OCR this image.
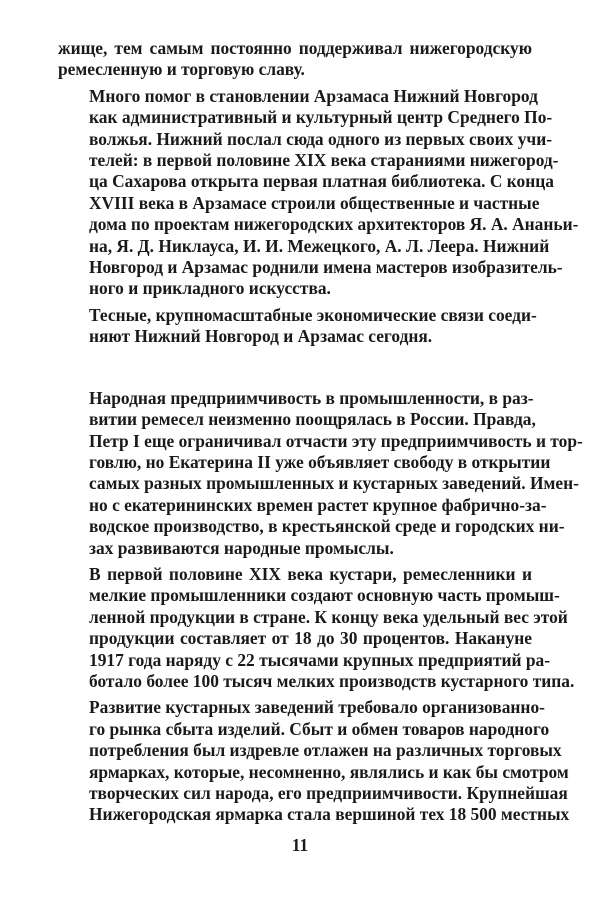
жище, тем самым постоянно поддерживал нижегородскую
ремесленную и торговую славу.
Много помог в становлении Арзамаса Нижний Новгород
как административный и культурный центр Среднего По-
волжья. Нижний послал сюда одного из первых своих учи-
телей: в первой половине XIX века стараниями нижегород-
ца Сахарова открыта первая платная библиотека. С конца
XVIII века в Арзамасе строили общественные и частные
дома по проектам нижегородских архитекторов Я. А. Ананьи-
на, Я. Д. Никлауса, И. И. Межецкого, А. Л. Леера. Нижний
Новгород и Арзамас роднили имена мастеров изобразитель-
ного и прикладного искусства.
Тесные, крупномасштабные экономические связи соеди-
няют Нижний Новгород и Арзамас сегодня.
Народная предприимчивость в промышленности, в раз-
витии ремесел неизменно поощрялась в России. Правда,
Петр I еще ограничивал отчасти эту предприимчивость и тор-
говлю, но Екатерина II уже объявляет свободу в открытии
самых разных промышленных и кустарных заведений. Имен-
но с екатерининских времен растет крупное фабрично-за-
водское производство, в крестьянской среде и городских ни-
зах развиваются народные промыслы.
В первой половине XIX века кустари, ремесленники и
мелкие промышленники создают основную часть промыш-
ленной продукции в стране. К концу века удельный вес этой
продукции составляет от 18 до 30 процентов. Накануне
1917 года наряду с 22 тысячами крупных предприятий ра-
ботало более 100 тысяч мелких производств кустарного типа.
Развитие кустарных заведений требовало организованно-
го рынка сбыта изделий. Сбыт и обмен товаров народного
потребления был издревле отлажен на различных торговых
ярмарках, которые, несомненно, являлись и как бы смотром
творческих сил народа, его предприимчивости. Крупнейшая
Нижегородская ярмарка стала вершиной тех 18 500 местных
11
